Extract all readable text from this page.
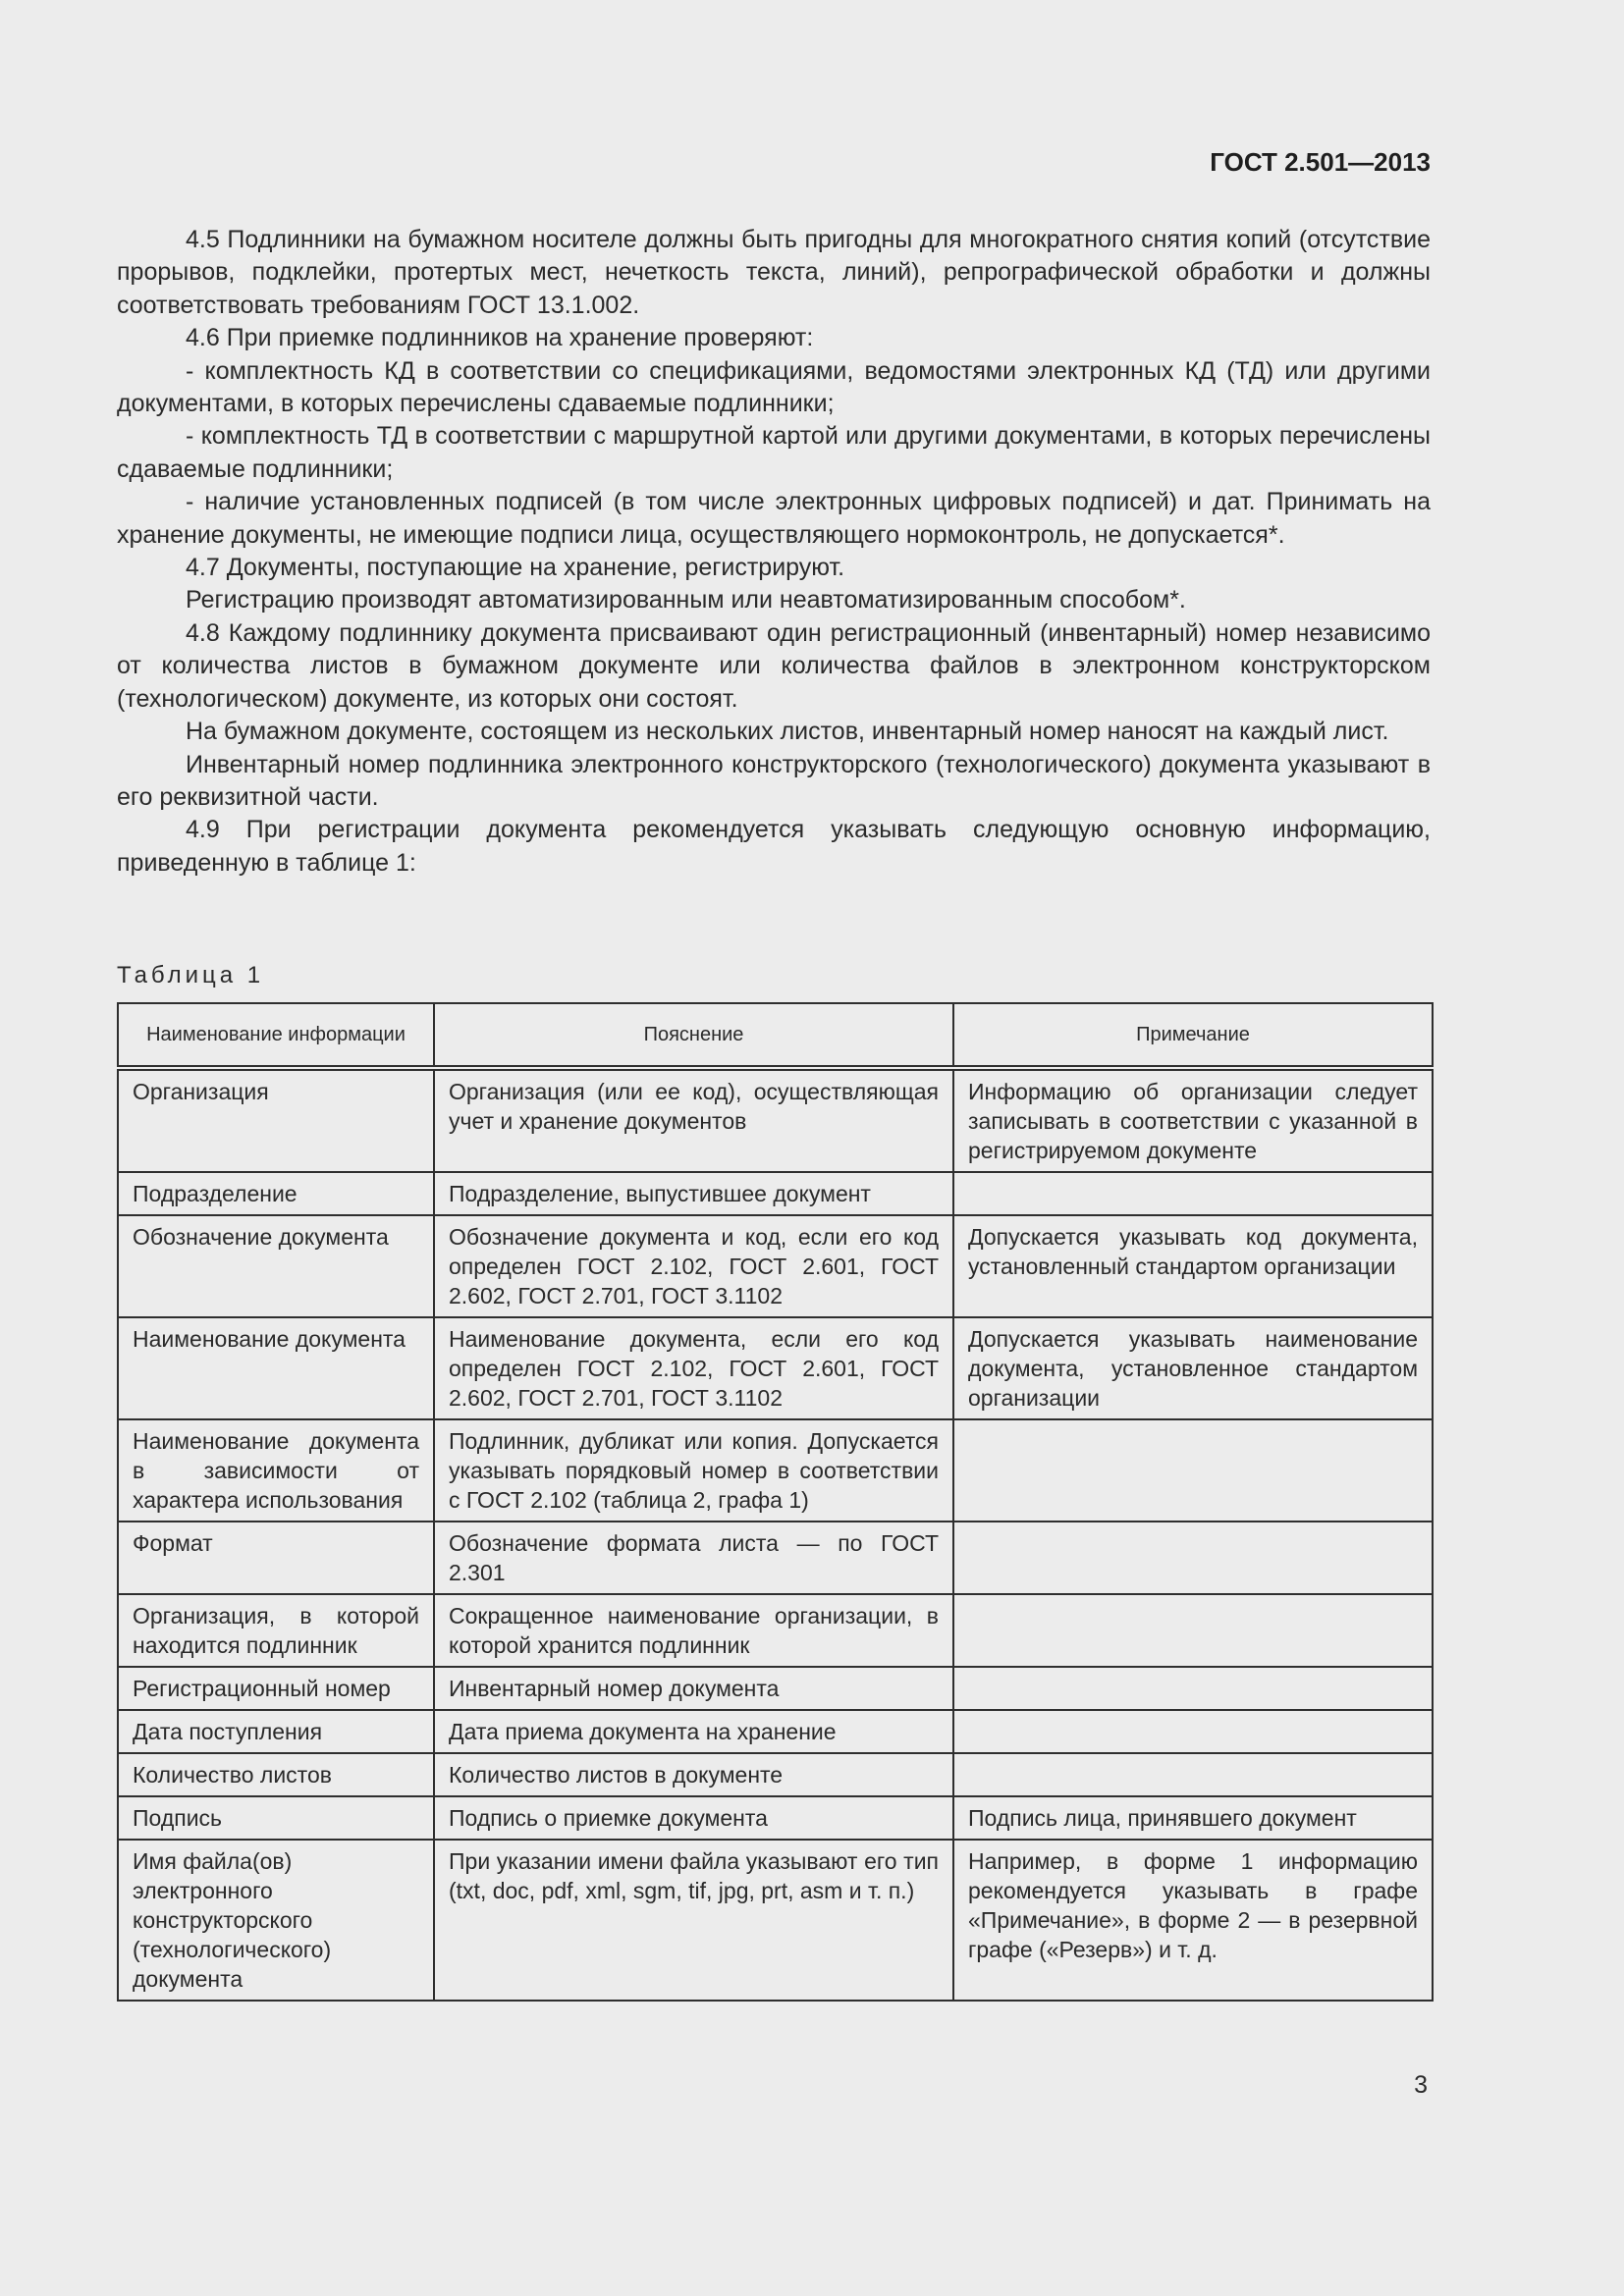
ГОСТ 2.501—2013

4.5 Подлинники на бумажном носителе должны быть пригодны для многократного снятия копий (отсутствие прорывов, подклейки, протертых мест, нечеткость текста, линий), репрографической обработки и должны соответствовать требованиям ГОСТ 13.1.002.

4.6 При приемке подлинников на хранение проверяют:

- комплектность КД в соответствии со спецификациями, ведомостями электронных КД (ТД) или другими документами, в которых перечислены сдаваемые подлинники;

- комплектность ТД в соответствии с маршрутной картой или другими документами, в которых перечислены сдаваемые подлинники;

- наличие установленных подписей (в том числе электронных цифровых подписей) и дат. Принимать на хранение документы, не имеющие подписи лица, осуществляющего нормоконтроль, не допускается*.

4.7 Документы, поступающие на хранение, регистрируют.

Регистрацию производят автоматизированным или неавтоматизированным способом*.

4.8 Каждому подлиннику документа присваивают один регистрационный (инвентарный) номер независимо от количества листов в бумажном документе или количества файлов в электронном конструкторском (технологическом) документе, из которых они состоят.

На бумажном документе, состоящем из нескольких листов, инвентарный номер наносят на каждый лист.

Инвентарный номер подлинника электронного конструкторского (технологического) документа указывают в его реквизитной части.

4.9 При регистрации документа рекомендуется указывать следующую основную информацию, приведенную в таблице 1:

Таблица 1
Наименование информации	Пояснение	Примечание
Организация	Организация (или ее код), осуществляющая учет и хранение документов	Информацию об организации следует записывать в соответствии с указанной в регистрируемом документе
Подразделение	Подразделение, выпустившее документ	
Обозначение документа	Обозначение документа и код, если его код определен ГОСТ 2.102, ГОСТ 2.601, ГОСТ 2.602, ГОСТ 2.701, ГОСТ 3.1102	Допускается указывать код документа, установленный стандартом организации
Наименование документа	Наименование документа, если его код определен ГОСТ 2.102, ГОСТ 2.601, ГОСТ 2.602, ГОСТ 2.701, ГОСТ 3.1102	Допускается указывать наименование документа, установленное стандартом организации
Наименование документа в зависимости от характера использования	Подлинник, дубликат или копия. Допускается указывать порядковый номер в соответствии с ГОСТ 2.102 (таблица 2, графа 1)	
Формат	Обозначение формата листа — по ГОСТ 2.301	
Организация, в которой находится подлинник	Сокращенное наименование организации, в которой хранится подлинник	
Регистрационный номер	Инвентарный номер документа	
Дата поступления	Дата приема документа на хранение	
Количество листов	Количество листов в документе	
Подпись	Подпись о приемке документа	Подпись лица, принявшего документ
Имя файла(ов) электронного конструкторского (технологического) документа	При указании имени файла указывают его тип (txt, doc, pdf, xml, sgm, tif, jpg, prt, asm и т. п.)	Например, в форме 1 информацию рекомендуется указывать в графе «Примечание», в форме 2 — в резервной графе («Резерв») и т. д.
3
